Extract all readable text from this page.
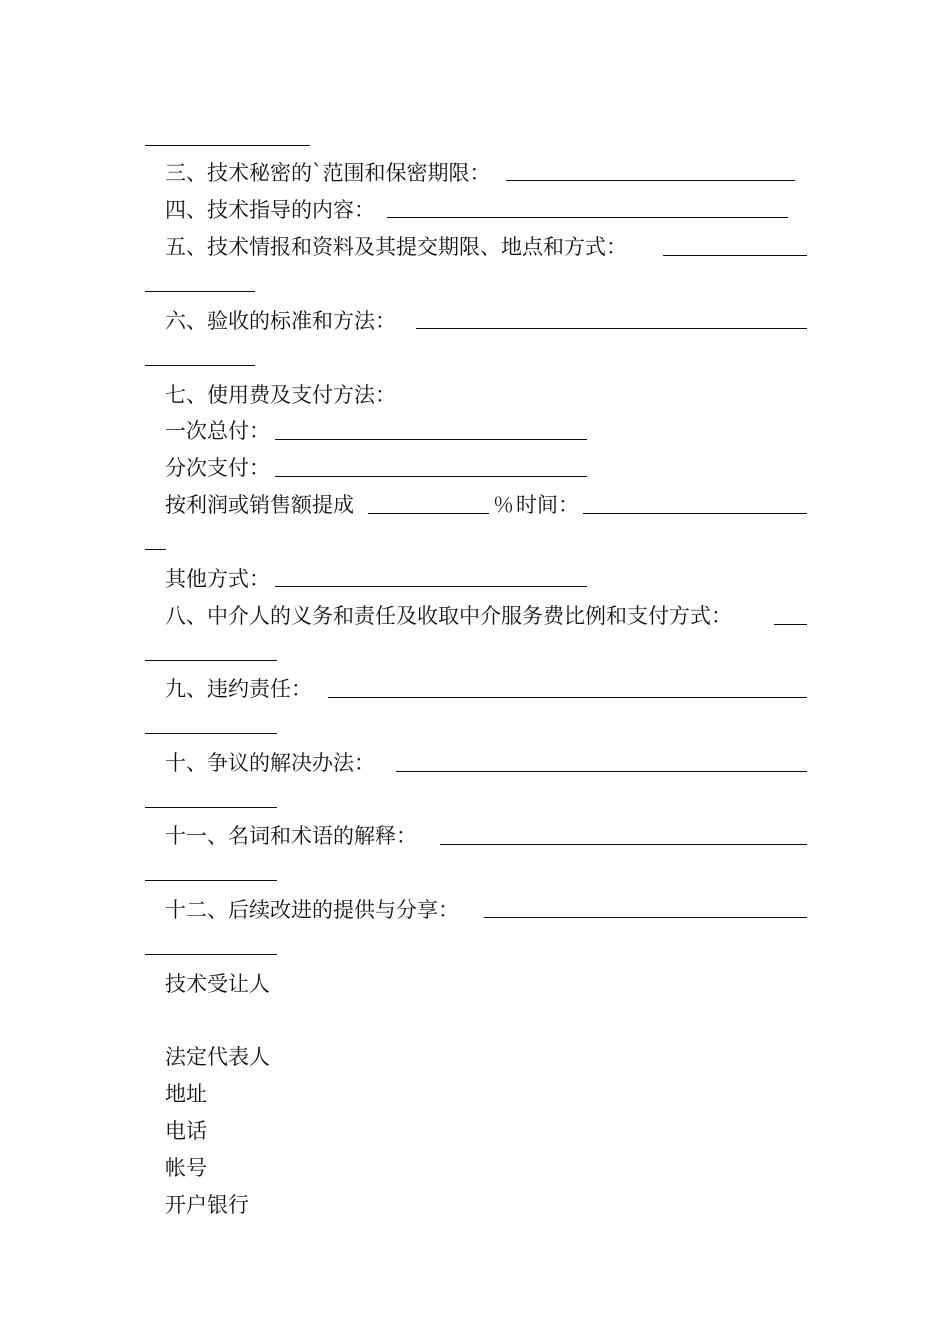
三、技术秘密的`范围和保密期限：
四、技术指导的内容：
五、技术情报和资料及其提交期限、地点和方式：
六、验收的标准和方法：
七、使用费及支付方法：
一次总付：
分次支付：
按利润或销售额提成	％ 时间：
其他方式：
八、中介人的义务和责任及收取中介服务费比例和支付方式：
九、违约责任：
十、争议的解决办法：
十一、名词和术语的解释：
十二、后续改进的提供与分享：
技术受让人
法定代表人
地址
电话
帐号
开户银行
